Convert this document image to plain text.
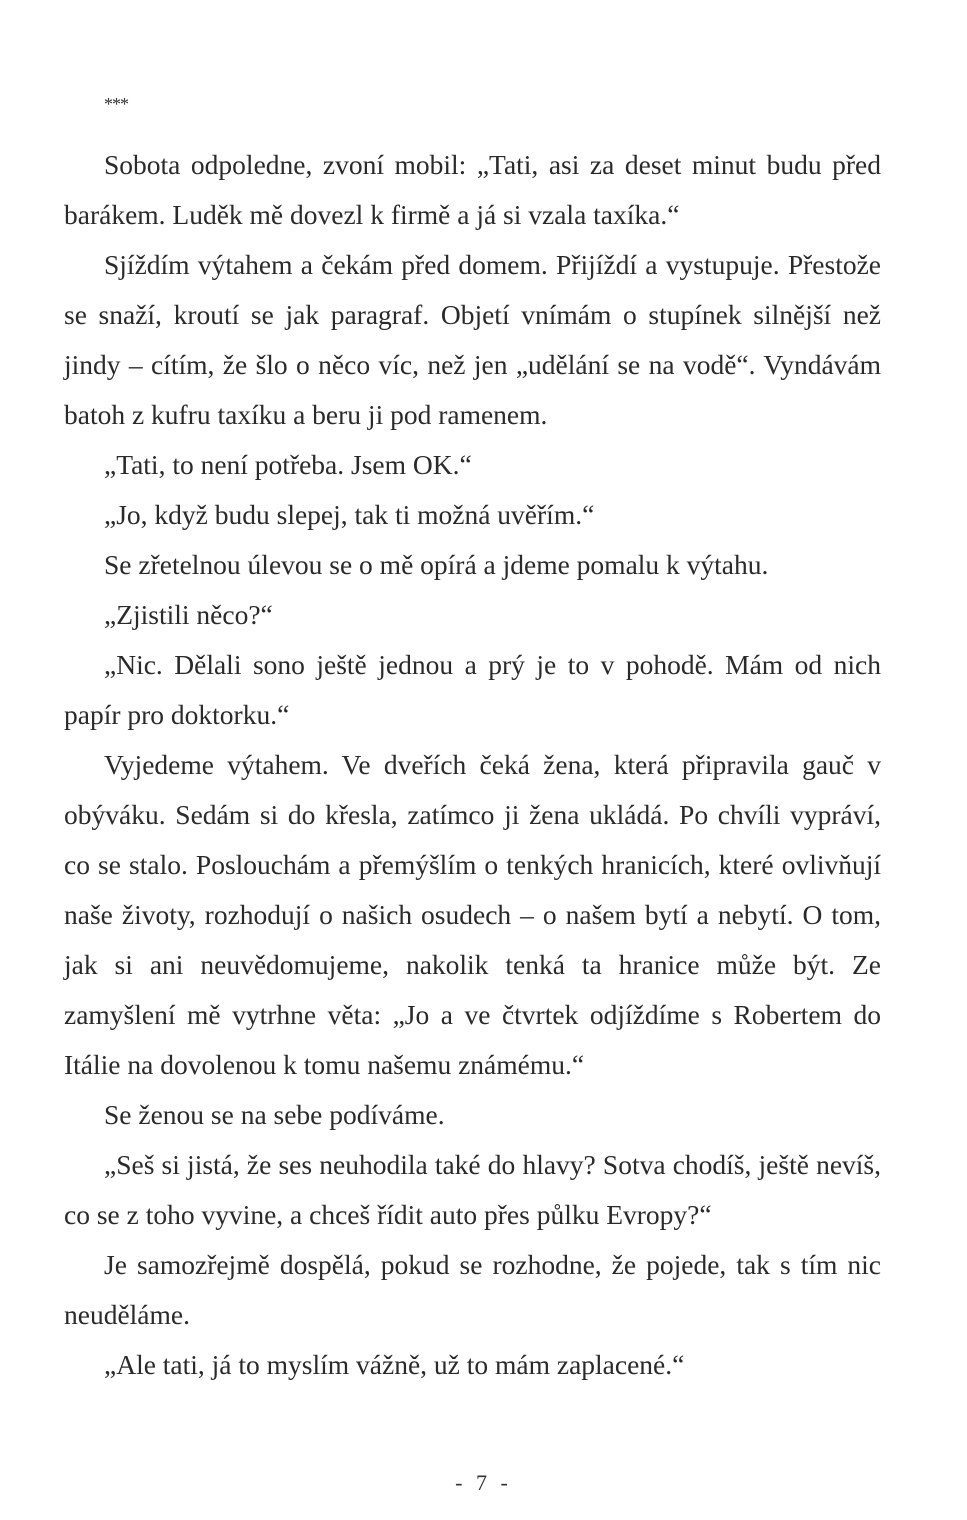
***

Sobota odpoledne, zvoní mobil: „Tati, asi za deset minut budu před barákem. Luděk mě dovezl k firmě a já si vzala taxíka.“

Sjíždím výtahem a čekám před domem. Přijíždí a vystupuje. Přestože se snaží, kroutí se jak paragraf. Objetí vnímám o stupínek silnější než jindy – cítím, že šlo o něco víc, než jen „udělání se na vodě“. Vyndávám batoh z kufru taxíku a beru ji pod ramenem.

„Tati, to není potřeba. Jsem OK.“

„Jo, když budu slepej, tak ti možná uvěřím.“

Se zřetelnou úlevou se o mě opírá a jdeme pomalu k výtahu.

„Zjistili něco?“

„Nic. Dělali sono ještě jednou a prý je to v pohodě. Mám od nich papír pro doktorku.“

Vyjedeme výtahem. Ve dveřích čeká žena, která připravila gauč v obýváku. Sedám si do křesla, zatímco ji žena ukládá. Po chvíli vypráví, co se stalo. Poslouchám a přemýšlím o tenkých hranicích, které ovlivňují naše životy, rozhodují o našich osudech – o našem bytí a nebytí. O tom, jak si ani neuvědomujeme, nakolik tenká ta hranice může být. Ze zamyšlení mě vytrhne věta: „Jo a ve čtvrtek odjíždíme s Robertem do Itálie na dovolenou k tomu našemu známému.“

Se ženou se na sebe podíváme.

„Seš si jistá, že ses neuhodila také do hlavy? Sotva chodíš, ještě nevíš, co se z toho vyvine, a chceš řídit auto přes půlku Evropy?“

Je samozřejmě dospělá, pokud se rozhodne, že pojede, tak s tím nic neuděláme.

„Ale tati, já to myslím vážně, už to mám zaplacené.“

- 7 -
